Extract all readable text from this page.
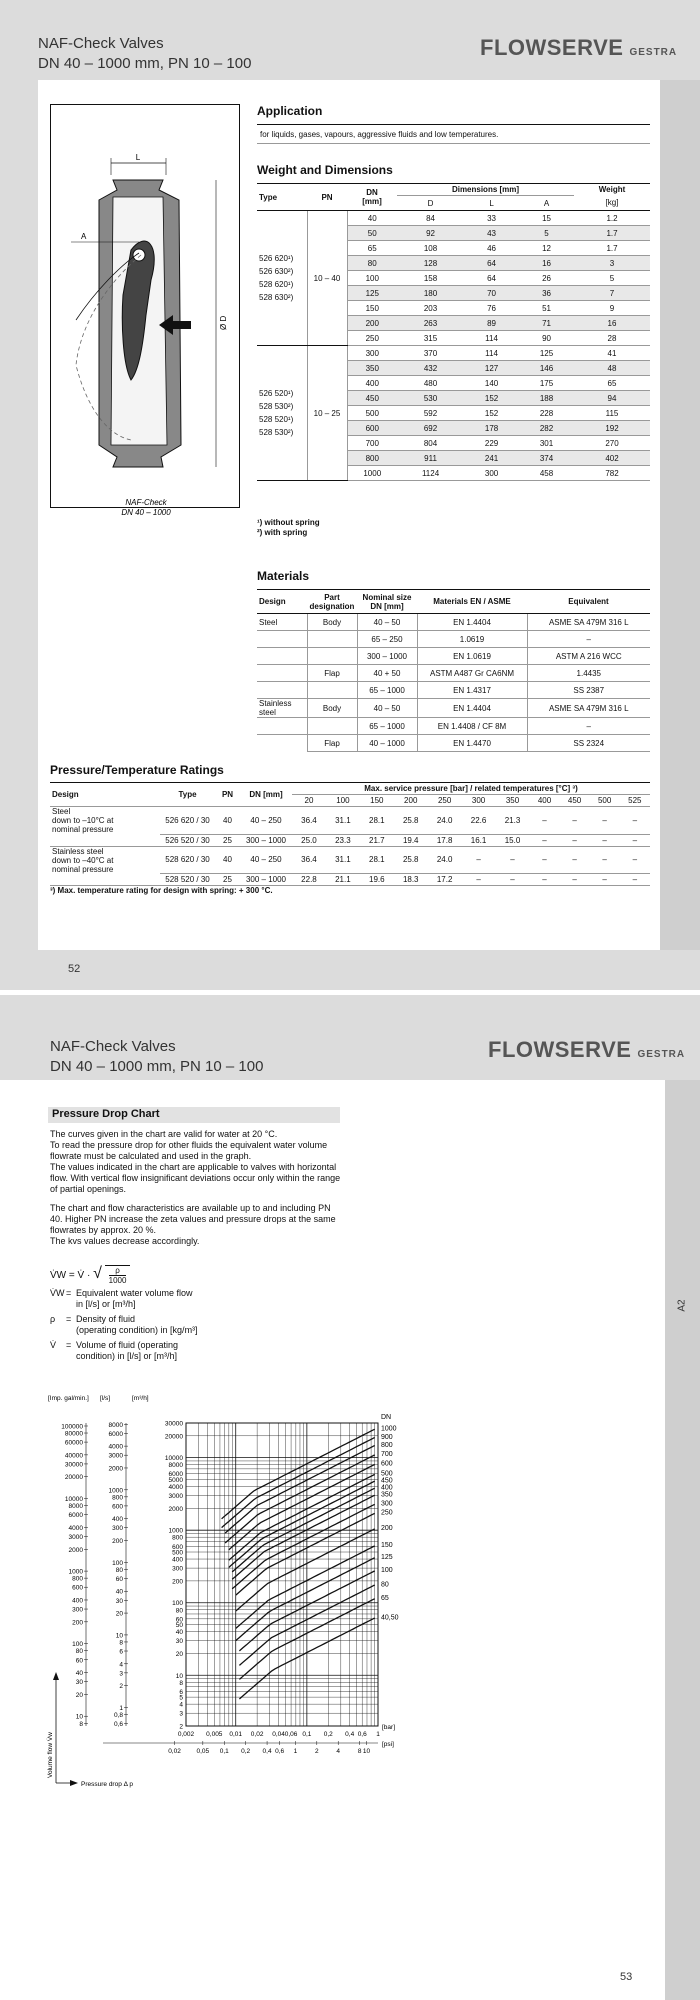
NAF-Check Valves
DN 40 – 1000 mm, PN 10 – 100
FLOWSERVE GESTRA
L
A
Ø D
NAF-Check
DN 40 – 1000
Application
for liquids, gases, vapours, aggressive fluids and low temperatures.
Weight and Dimensions
Type	PN	DN
[mm]	Dimensions [mm]			Weight
			D	L	A	[kg]

526 620¹)
526 630²)
528 620¹)
528 630²)	10 – 40	40	84	33	15	1.2
		50	92	43	5	1.7
		65	108	46	12	1.7
		80	128	64	16	3
		100	158	64	26	5
		125	180	70	36	7
		150	203	76	51	9
		200	263	89	71	16
		250	315	114	90	28

526 520¹)
528 530²)
528 520¹)
528 530²)	10 – 25	300	370	114	125	41
		350	432	127	146	48
		400	480	140	175	65
		450	530	152	188	94
		500	592	152	228	115
		600	692	178	282	192
		700	804	229	301	270
		800	911	241	374	402
		1000	1124	300	458	782
¹) without spring
²) with spring
Materials
Design	Part designation	Nominal size DN [mm]	Materials EN / ASME	Equivalent
Steel	Body	40 – 50	EN 1.4404	ASME SA 479M 316 L
		65 – 250	1.0619	–
		300 – 1000	EN 1.0619	ASTM A 216 WCC
	Flap	40 + 50	ASTM A487 Gr CA6NM	1.4435
		65 – 1000	EN 1.4317	SS 2387
Stainless steel	Body	40 – 50	EN 1.4404	ASME SA 479M 316 L
		65 – 1000	EN 1.4408 / CF 8M	–
	Flap	40 – 1000	EN 1.4470	SS 2324
Pressure/Temperature Ratings
Design	Type	PN	DN [mm]	Max. service pressure [bar] / related temperatures [°C] ³)										
				20	100	150	200	250	300	350	400	450	500	525

Steel
down to –10°C at
nominal pressure	526 620 / 30	40	40 – 250	36.4	31.1	28.1	25.8	24.0	22.6	21.3	–	–	–	–
	526 520 / 30	25	300 – 1000	25.0	23.3	21.7	19.4	17.8	16.1	15.0	–	–	–	–

Stainless steel
down to –40°C at
nominal pressure	528 620 / 30	40	40 – 250	36.4	31.1	28.1	25.8	24.0	–	–	–	–	–	–
	528 520 / 30	25	300 – 1000	22.8	21.1	19.6	18.3	17.2	–	–	–	–	–	–
³) Max. temperature rating for design with spring: + 300 °C.
52
NAF-Check Valves
DN 40 – 1000 mm, PN 10 – 100
FLOWSERVE GESTRA
A2
Pressure Drop Chart
The curves given in the chart are valid for water at 20 °C.
To read the pressure drop for other fluids the equivalent water volume
flowrate must be calculated and used in the graph.
The values indicated in the chart are applicable to valves with horizontal
flow. With vertical flow insignificant deviations occur only within the range
of partial openings.
The chart and flow characteristics are available up to and including PN
40. Higher PN increase the zeta values and pressure drops at the same
flowrates by approx. 20 %.
The kvs values decrease accordingly.
V̇W = V̇ · √ $\frac{\rho}{1000}$
V̇W = Equivalent water volume flow
in [l/s] or [m³/h]
ρ	= Density of fluid
(operating condition) in [kg/m³]
V̇	= Volume of fluid (operating
condition) in [l/s] or [m³/h]
1000
900
800
700
600
500
450
400
350
300
250
200
150
125
100
80
65
40,50
DN
30000
20000
10000
8000
6000
5000
4000
3000
2000
1000
800
600
500
400
300
200
100
80
60
50
40
30
20
10
8
6
5
4
3
2
8000
6000
4000
3000
2000
1000
800
600
400
300
200
100
80
60
40
30
20
10
8
6
4
3
2
1
0,8
0,6
100000
80000
60000
40000
30000
20000
10000
8000
6000
4000
3000
2000
1000
800
600
400
300
200
100
80
60
40
30
20
10
8
[Imp. gal/min.] [l/s]	[m³/h]
0,002 0,005 0,01 0,02 0,04 0,06 0,1 0,2 0,4 0,6 1
[bar]
0,02 0,05 0,1 0,2 0,4 0,6 1	2	4	8 10
[psi]
Volume flow V̇w
Pressure drop Δ p
53
